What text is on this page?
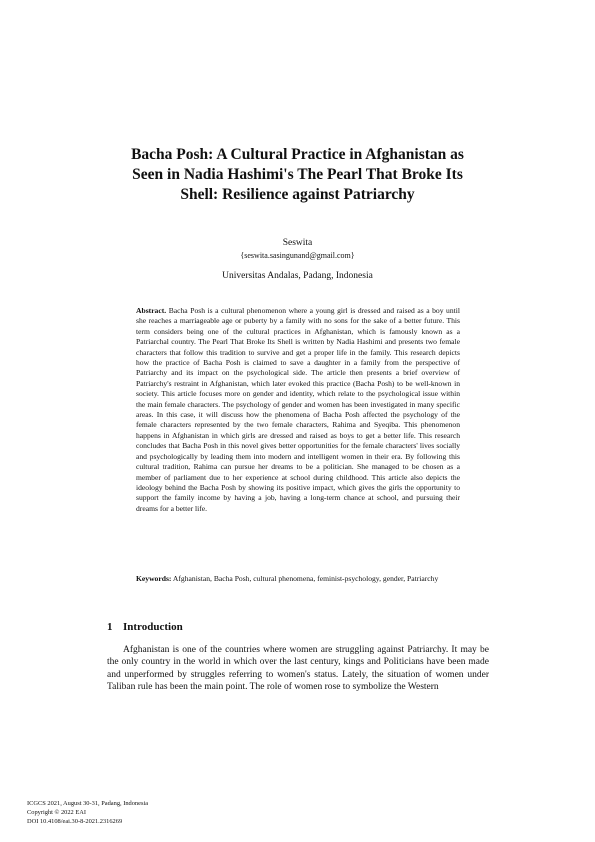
Bacha Posh: A Cultural Practice in Afghanistan as
Seen in Nadia Hashimi's The Pearl That Broke Its
Shell: Resilience against Patriarchy
Seswita
{seswita.sasingunand@gmail.com}
Universitas Andalas, Padang, Indonesia

Abstract. Bacha Posh is a cultural phenomenon where a young girl is dressed and raised as a boy until she reaches a marriageable age or puberty by a family with no sons for the sake of a better future. This term considers being one of the cultural practices in Afghanistan, which is famously known as a Patriarchal country. The Pearl That Broke Its Shell is written by Nadia Hashimi and presents two female characters that follow this tradition to survive and get a proper life in the family. This research depicts how the practice of Bacha Posh is claimed to save a daughter in a family from the perspective of Patriarchy and its impact on the psychological side. The article then presents a brief overview of Patriarchy's restraint in Afghanistan, which later evoked this practice (Bacha Posh) to be well-known in society. This article focuses more on gender and identity, which relate to the psychological issue within the main female characters. The psychology of gender and women has been investigated in many specific areas. In this case, it will discuss how the phenomena of Bacha Posh affected the psychology of the female characters represented by the two female characters, Rahima and Syeqiba. This phenomenon happens in Afghanistan in which girls are dressed and raised as boys to get a better life. This research concludes that Bacha Posh in this novel gives better opportunities for the female characters' lives socially and psychologically by leading them into modern and intelligent women in their era. By following this cultural tradition, Rahima can pursue her dreams to be a politician. She managed to be chosen as a member of parliament due to her experience at school during childhood. This article also depicts the ideology behind the Bacha Posh by showing its positive impact, which gives the girls the opportunity to support the family income by having a job, having a long-term chance at school, and pursuing their dreams for a better life.

Keywords: Afghanistan, Bacha Posh, cultural phenomena, feminist-psychology, gender, Patriarchy

1 Introduction

Afghanistan is one of the countries where women are struggling against Patriarchy. It may be the only country in the world in which over the last century, kings and Politicians have been made and unperformed by struggles referring to women's status. Lately, the situation of women under Taliban rule has been the main point. The role of women rose to symbolize the Western

ICGCS 2021, August 30-31, Padang, Indonesia
Copyright © 2022 EAI
DOI 10.4108/eai.30-8-2021.2316269
